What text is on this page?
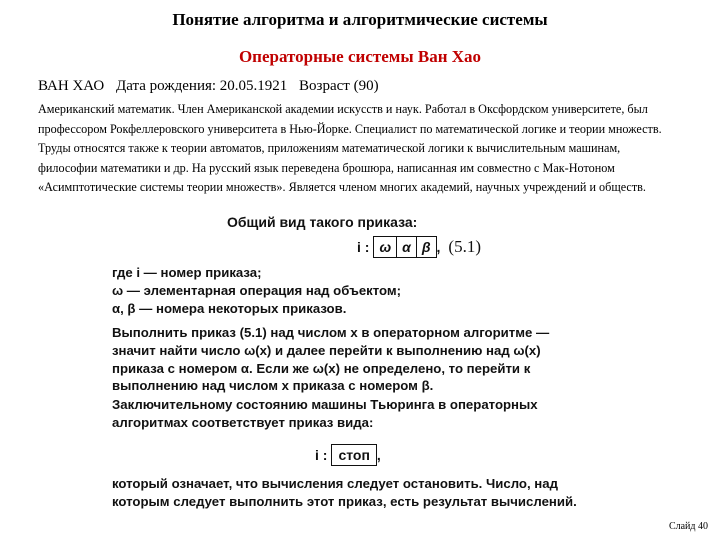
Понятие алгоритма и алгоритмические системы
Операторные системы Ван Хао
ВАН ХАО Дата рождения: 20.05.1921 Возраст (90)
Американский математик. Член Американской академии искусств и наук. Работал в Оксфордском университете, был профессором Рокфеллеровского университета в Нью-Йорке. Специалист по математической логике и теории множеств. Труды относятся также к теории автоматов, приложениям математической логики к вычислительным машинам, философии математики и др. На русский язык переведена брошюра, написанная им совместно с Мак-Нотоном «Асимптотические системы теории множеств». Является членом многих академий, научных учреждений и обществ.
Общий вид такого приказа:
i : ω α β , (5.1)
где i — номер приказа;
ω — элементарная операция над объектом;
α, β — номера некоторых приказов.
Выполнить приказ (5.1) над числом x в операторном алгоритме — значит найти число ω(x) и далее перейти к выполнению над ω(x) приказа с номером α. Если же ω(x) не определено, то перейти к выполнению над числом x приказа с номером β.
Заключительному состоянию машины Тьюринга в операторных алгоритмах соответствует приказ вида:
i : стоп ,
который означает, что вычисления следует остановить. Число, над которым следует выполнить этот приказ, есть результат вычислений.
Слайд 40
